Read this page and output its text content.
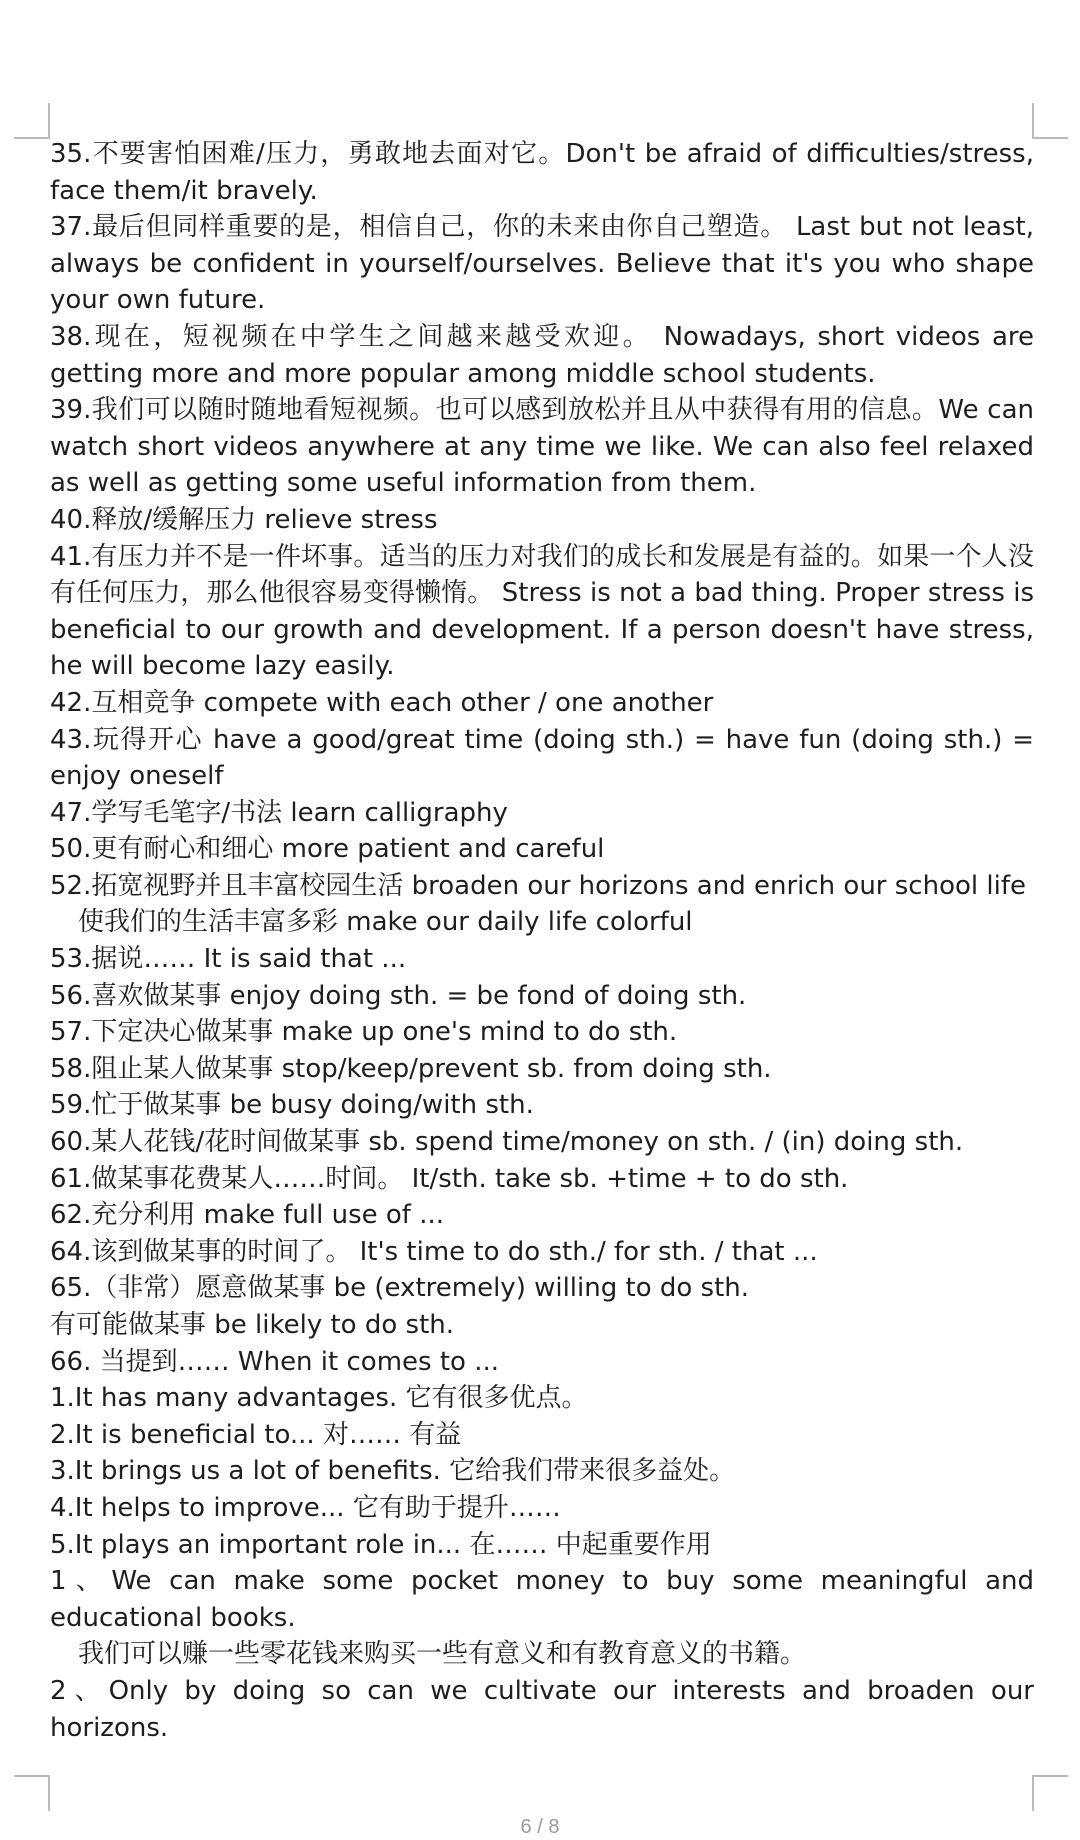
35.不要害怕困难/压力，勇敢地去面对它。Don't be afraid of difficulties/stress, face them/it bravely.

37.最后但同样重要的是，相信自己，你的未来由你自己塑造。 Last but not least, always be confident in yourself/ourselves. Believe that it's you who shape your own future.

38.现在，短视频在中学生之间越来越受欢迎。 Nowadays, short videos are getting more and more popular among middle school students.

39.我们可以随时随地看短视频。也可以感到放松并且从中获得有用的信息。We can watch short videos anywhere at any time we like. We can also feel relaxed as well as getting some useful information from them.

40.释放/缓解压力 relieve stress

41.有压力并不是一件坏事。适当的压力对我们的成长和发展是有益的。如果一个人没有任何压力，那么他很容易变得懒惰。 Stress is not a bad thing. Proper stress is beneficial to our growth and development. If a person doesn't have stress, he will become lazy easily.

42.互相竞争 compete with each other / one another

43.玩得开心 have a good/great time (doing sth.) = have fun (doing sth.) = enjoy oneself

47.学写毛笔字/书法 learn calligraphy

50.更有耐心和细心 more patient and careful

52.拓宽视野并且丰富校园生活 broaden our horizons and enrich our school life

使我们的生活丰富多彩 make our daily life colorful

53.据说…… It is said that ...

56.喜欢做某事 enjoy doing sth. = be fond of doing sth.

57.下定决心做某事 make up one's mind to do sth.

58.阻止某人做某事 stop/keep/prevent sb. from doing sth.

59.忙于做某事 be busy doing/with sth.

60.某人花钱/花时间做某事 sb. spend time/money on sth. / (in) doing sth.

61.做某事花费某人……时间。 It/sth. take sb. +time + to do sth.

62.充分利用 make full use of ...

64.该到做某事的时间了。 It's time to do sth./ for sth. / that ...

65.（非常）愿意做某事 be (extremely) willing to do sth.

有可能做某事 be likely to do sth.

66. 当提到…… When it comes to ...

1.It has many advantages. 它有很多优点。

2.It is beneficial to... 对…… 有益

3.It brings us a lot of benefits. 它给我们带来很多益处。

4.It helps to improve... 它有助于提升……

5.It plays an important role in... 在…… 中起重要作用

1、We can make some pocket money to buy some meaningful and educational books.

我们可以赚一些零花钱来购买一些有意义和有教育意义的书籍。

2、Only by doing so can we cultivate our interests and broaden our horizons.

6 / 8
